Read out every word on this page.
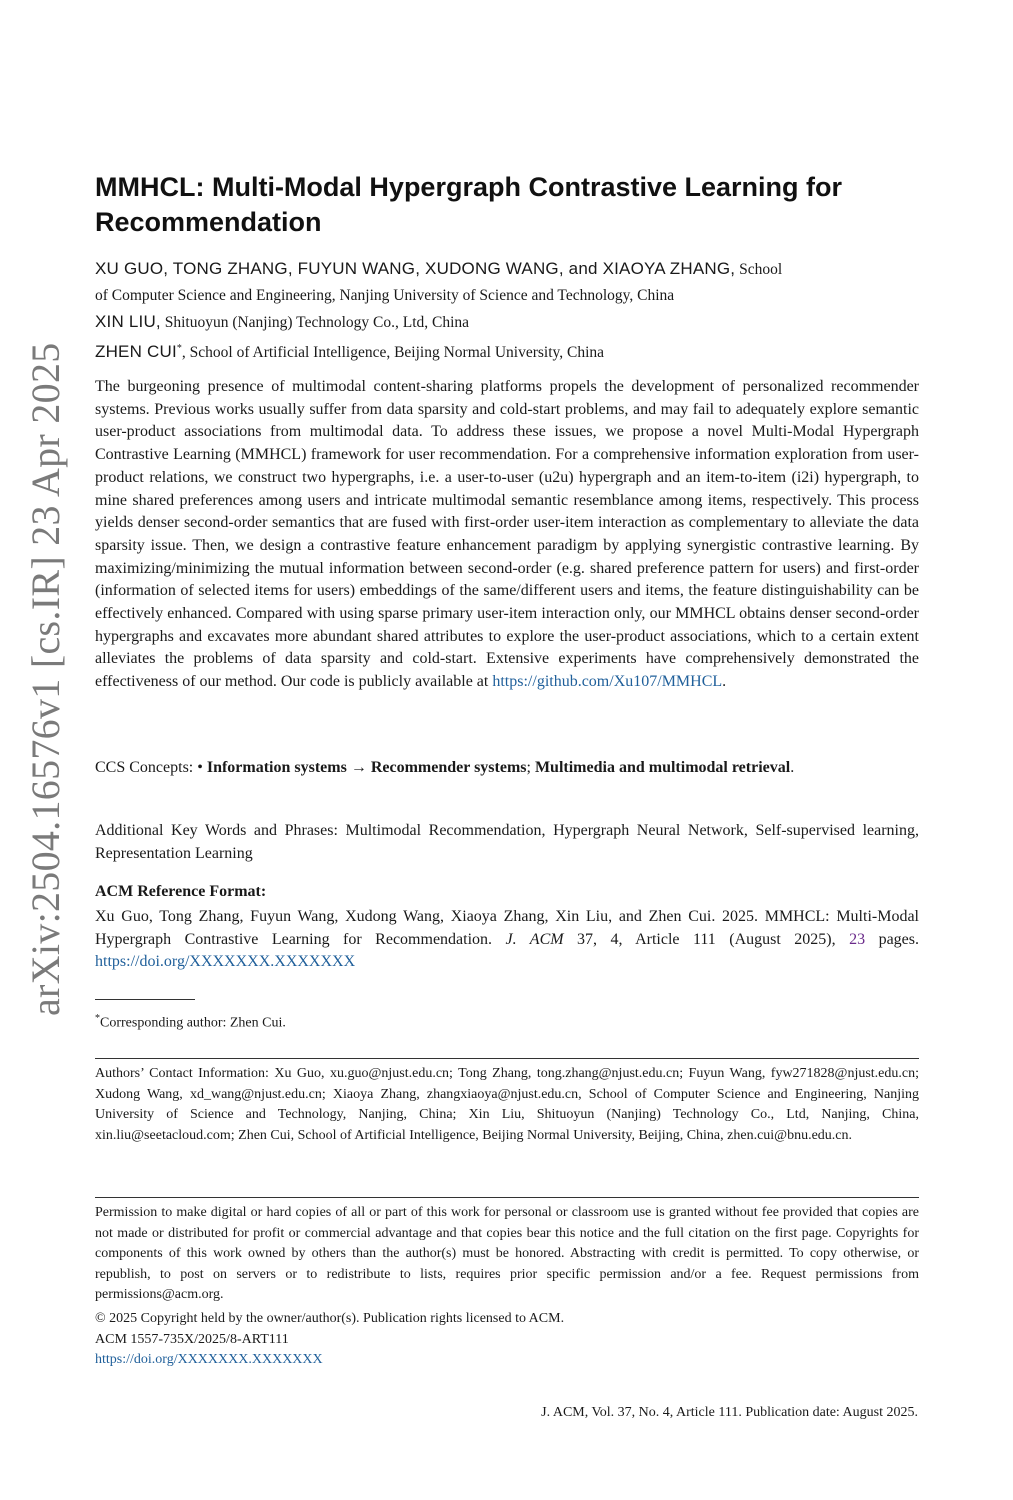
arXiv:2504.16576v1 [cs.IR] 23 Apr 2025
MMHCL: Multi-Modal Hypergraph Contrastive Learning for Recommendation
XU GUO, TONG ZHANG, FUYUN WANG, XUDONG WANG, and XIAOYA ZHANG, School
of Computer Science and Engineering, Nanjing University of Science and Technology, China
XIN LIU, Shituoyun (Nanjing) Technology Co., Ltd, China
ZHEN CUI*, School of Artificial Intelligence, Beijing Normal University, China
The burgeoning presence of multimodal content-sharing platforms propels the development of personalized recommender systems. Previous works usually suffer from data sparsity and cold-start problems, and may fail to adequately explore semantic user-product associations from multimodal data. To address these issues, we propose a novel Multi-Modal Hypergraph Contrastive Learning (MMHCL) framework for user recommendation. For a comprehensive information exploration from user-product relations, we construct two hypergraphs, i.e. a user-to-user (u2u) hypergraph and an item-to-item (i2i) hypergraph, to mine shared preferences among users and intricate multimodal semantic resemblance among items, respectively. This process yields denser second-order semantics that are fused with first-order user-item interaction as complementary to alleviate the data sparsity issue. Then, we design a contrastive feature enhancement paradigm by applying synergistic contrastive learning. By maximizing/minimizing the mutual information between second-order (e.g. shared preference pattern for users) and first-order (information of selected items for users) embeddings of the same/different users and items, the feature distinguishability can be effectively enhanced. Compared with using sparse primary user-item interaction only, our MMHCL obtains denser second-order hypergraphs and excavates more abundant shared attributes to explore the user-product associations, which to a certain extent alleviates the problems of data sparsity and cold-start. Extensive experiments have comprehensively demonstrated the effectiveness of our method. Our code is publicly available at https://github.com/Xu107/MMHCL.
CCS Concepts: • Information systems → Recommender systems; Multimedia and multimodal retrieval.
Additional Key Words and Phrases: Multimodal Recommendation, Hypergraph Neural Network, Self-supervised learning, Representation Learning
ACM Reference Format:
Xu Guo, Tong Zhang, Fuyun Wang, Xudong Wang, Xiaoya Zhang, Xin Liu, and Zhen Cui. 2025. MMHCL: Multi-Modal Hypergraph Contrastive Learning for Recommendation. J. ACM 37, 4, Article 111 (August 2025), 23 pages. https://doi.org/XXXXXXX.XXXXXXX
*Corresponding author: Zhen Cui.
Authors’ Contact Information: Xu Guo, xu.guo@njust.edu.cn; Tong Zhang, tong.zhang@njust.edu.cn; Fuyun Wang, fyw271828@njust.edu.cn; Xudong Wang, xd_wang@njust.edu.cn; Xiaoya Zhang, zhangxiaoya@njust.edu.cn, School of Computer Science and Engineering, Nanjing University of Science and Technology, Nanjing, China; Xin Liu, Shituoyun (Nanjing) Technology Co., Ltd, Nanjing, China, xin.liu@seetacloud.com; Zhen Cui, School of Artificial Intelligence, Beijing Normal University, Beijing, China, zhen.cui@bnu.edu.cn.
Permission to make digital or hard copies of all or part of this work for personal or classroom use is granted without fee provided that copies are not made or distributed for profit or commercial advantage and that copies bear this notice and the full citation on the first page. Copyrights for components of this work owned by others than the author(s) must be honored. Abstracting with credit is permitted. To copy otherwise, or republish, to post on servers or to redistribute to lists, requires prior specific permission and/or a fee. Request permissions from permissions@acm.org.
© 2025 Copyright held by the owner/author(s). Publication rights licensed to ACM.
ACM 1557-735X/2025/8-ART111
https://doi.org/XXXXXXX.XXXXXXX
J. ACM, Vol. 37, No. 4, Article 111. Publication date: August 2025.
